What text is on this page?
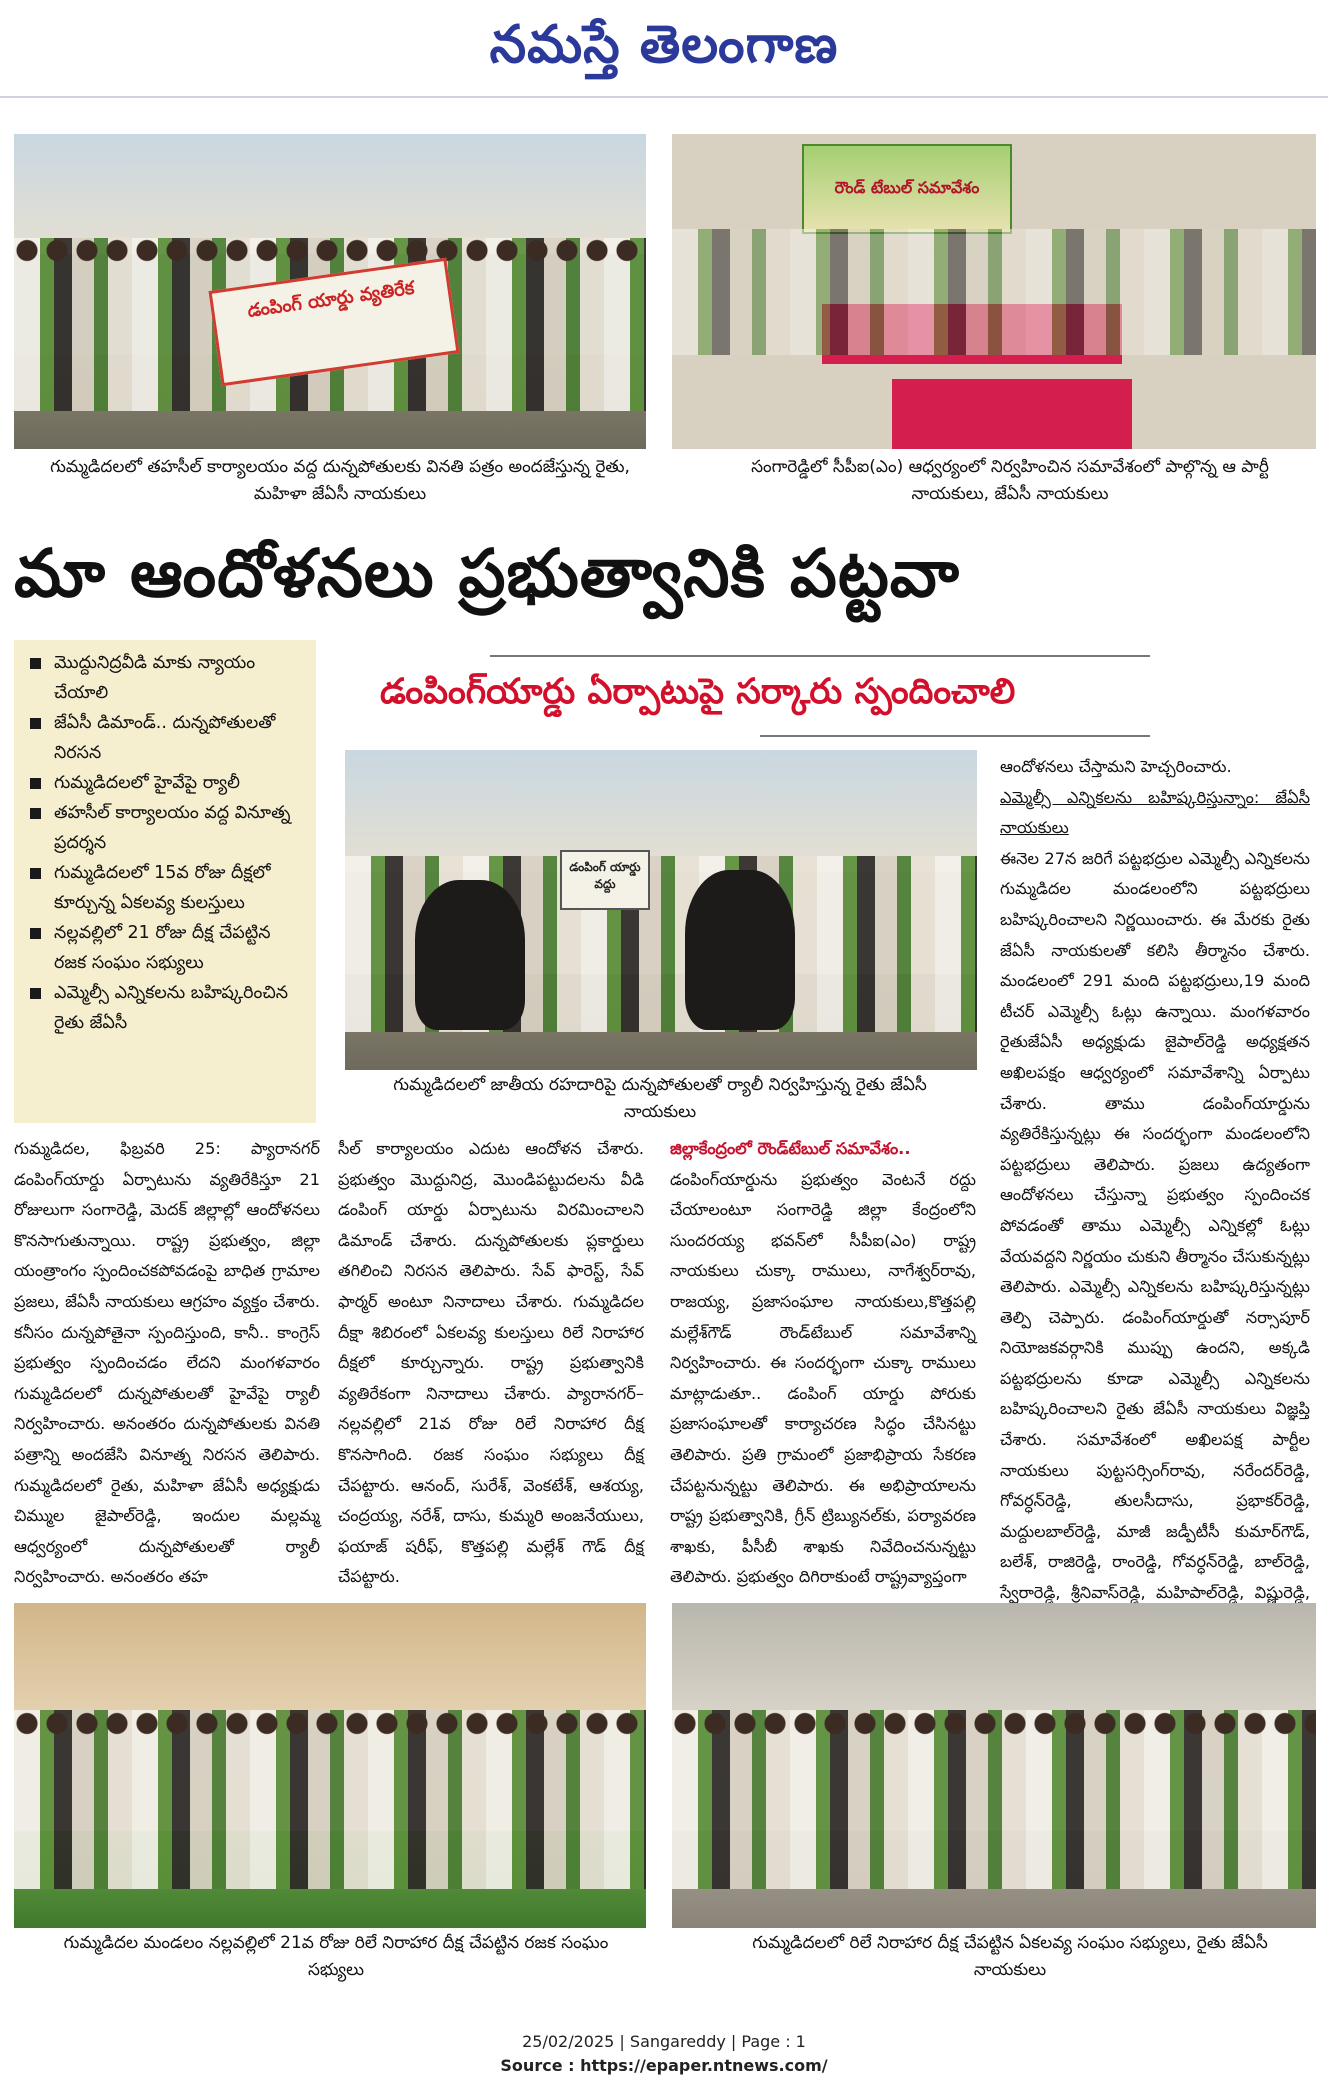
నమస్తే తెలంగాణ
డంపింగ్ యార్డు వ్యతిరేక
గుమ్మడిదలలో తహసీల్ కార్యాలయం వద్ద దున్నపోతులకు వినతి పత్రం అందజేస్తున్న రైతు, మహిళా జేఏసీ నాయకులు
రౌండ్ టేబుల్ సమావేశం
సంగారెడ్డిలో సీపీఐ(ఎం) ఆధ్వర్యంలో నిర్వహించిన సమావేశంలో పాల్గొన్న ఆ పార్టీ నాయకులు, జేఏసీ నాయకులు
మా ఆందోళనలు ప్రభుత్వానికి పట్టవా
మొద్దునిద్రవీడి మాకు న్యాయం చేయాలి
జేఏసీ డిమాండ్.. దున్నపోతులతో నిరసన
గుమ్మడిదలలో హైవేపై ర్యాలీ
తహసీల్ కార్యాలయం వద్ద వినూత్న ప్రదర్శన
గుమ్మడిదలలో 15వ రోజు దీక్షలో కూర్చున్న ఏకలవ్య కులస్తులు
నల్లవల్లిలో 21 రోజు దీక్ష చేపట్టిన రజక సంఘం సభ్యులు
ఎమ్మెల్సీ ఎన్నికలను బహిష్కరించిన రైతు జేఏసీ
డంపింగ్‌యార్డు ఏర్పాటుపై సర్కారు స్పందించాలి
డంపింగ్ యార్డు వద్దు
గుమ్మడిదలలో జాతీయ రహదారిపై దున్నపోతులతో ర్యాలీ నిర్వహిస్తున్న రైతు జేఏసీ నాయకులు

గుమ్మడిదల, ఫిబ్రవరి 25: ప్యారానగర్ డంపింగ్‌యార్డు ఏర్పాటును వ్యతిరేకిస్తూ 21 రోజులుగా సంగారెడ్డి, మెదక్ జిల్లాల్లో ఆందోళనలు కొనసాగుతున్నాయి. రాష్ట్ర ప్రభుత్వం, జిల్లా యంత్రాంగం స్పందించకపోవడంపై బాధిత గ్రామాల ప్రజలు, జేఏసీ నాయకులు ఆగ్రహం వ్యక్తం చేశారు. కనీసం దున్నపోతైనా స్పందిస్తుంది, కానీ.. కాంగ్రెస్ ప్రభుత్వం స్పందించడం లేదని మంగళవారం గుమ్మడిదలలో దున్నపోతులతో హైవేపై ర్యాలీ నిర్వహించారు. అనంతరం దున్నపోతులకు వినతి పత్రాన్ని అందజేసి వినూత్న నిరసన తెలిపారు. గుమ్మడిదలలో రైతు, మహిళా జేఏసీ అధ్యక్షుడు చిమ్ముల జైపాల్‌రెడ్డి, ఇందుల మల్లమ్మ ఆధ్వర్యంలో దున్నపోతులతో ర్యాలీ నిర్వహించారు. అనంతరం తహ

సీల్ కార్యాలయం ఎదుట ఆందోళన చేశారు. ప్రభుత్వం మొద్దునిద్ర, మొండిపట్టుదలను వీడి డంపింగ్ యార్డు ఏర్పాటును విరమించాలని డిమాండ్ చేశారు. దున్నపోతులకు ప్లకార్డులు తగిలించి నిరసన తెలిపారు. సేవ్ ఫారెస్ట్, సేవ్ ఫార్మర్ అంటూ నినాదాలు చేశారు. గుమ్మడిదల దీక్షా శిబిరంలో ఏకలవ్య కులస్తులు రిలే నిరాహార దీక్షలో కూర్చున్నారు. రాష్ట్ర ప్రభుత్వానికి వ్యతిరేకంగా నినాదాలు చేశారు. ప్యారానగర్–నల్లవల్లిలో 21వ రోజు రిలే నిరాహార దీక్ష కొనసాగింది. రజక సంఘం సభ్యులు దీక్ష చేపట్టారు. ఆనంద్, సురేశ్, వెంకటేశ్, ఆశయ్య, చంద్రయ్య, నరేశ్, దాసు, కుమ్మరి అంజనేయులు, ఫయాజ్ షరీఫ్, కొత్తపల్లి మల్లేశ్ గౌడ్ దీక్ష చేపట్టారు.

జిల్లాకేంద్రంలో రౌండ్‌టేబుల్ సమావేశం..

డంపింగ్‌యార్డును ప్రభుత్వం వెంటనే రద్దు చేయాలంటూ సంగారెడ్డి జిల్లా కేంద్రంలోని సుందరయ్య భవన్‌లో సీపీఐ(ఎం) రాష్ట్ర నాయకులు చుక్కా రాములు, నాగేశ్వర్‌రావు, రాజయ్య, ప్రజాసంఘాల నాయకులు,కొత్తపల్లి మల్లేశ్‌గౌడ్ రౌండ్‌టేబుల్ సమావేశాన్ని నిర్వహించారు. ఈ సందర్భంగా చుక్కా రాములు మాట్లాడుతూ.. డంపింగ్ యార్డు పోరుకు ప్రజాసంఘాలతో కార్యాచరణ సిద్ధం చేసినట్టు తెలిపారు. ప్రతి గ్రామంలో ప్రజాభిప్రాయ సేకరణ చేపట్టనున్నట్టు తెలిపారు. ఈ అభిప్రాయాలను రాష్ట్ర ప్రభుత్వానికి, గ్రీన్ ట్రిబ్యునల్‌కు, పర్యావరణ శాఖకు, పీసీబీ శాఖకు నివేదించనున్నట్టు తెలిపారు. ప్రభుత్వం దిగిరాకుంటే రాష్ట్రవ్యాప్తంగా

ఆందోళనలు చేస్తామని హెచ్చరించారు.

ఎమ్మెల్సీ ఎన్నికలను బహిష్కరిస్తున్నాం: జేఏసీ నాయకులు

ఈనెల 27న జరిగే పట్టభద్రుల ఎమ్మెల్సీ ఎన్నికలను గుమ్మడిదల మండలంలోని పట్టభద్రులు బహిష్కరించాలని నిర్ణయించారు. ఈ మేరకు రైతు జేఏసీ నాయకులతో కలిసి తీర్మానం చేశారు. మండలంలో 291 మంది పట్టభద్రులు,19 మంది టీచర్ ఎమ్మెల్సీ ఓట్లు ఉన్నాయి. మంగళవారం రైతుజేఏసీ అధ్యక్షుడు జైపాల్‌రెడ్డి అధ్యక్షతన అఖిలపక్షం ఆధ్వర్యంలో సమావేశాన్ని ఏర్పాటు చేశారు. తాము డంపింగ్‌యార్డును వ్యతిరేకిస్తున్నట్లు ఈ సందర్భంగా మండలంలోని పట్టభద్రులు తెలిపారు. ప్రజలు ఉద్యతంగా ఆందోళనలు చేస్తున్నా ప్రభుత్వం స్పందించక పోవడంతో తాము ఎమ్మెల్సీ ఎన్నికల్లో ఓట్లు వేయవద్దని నిర్ణయం చుకుని తీర్మానం చేసుకున్నట్లు తెలిపారు. ఎమ్మెల్సీ ఎన్నికలను బహిష్కరిస్తున్నట్లు తెల్పి చెప్పారు. డంపింగ్‌యార్డుతో నర్సాపూర్ నియోజకవర్గానికి ముప్పు ఉందని, అక్కడి పట్టభద్రులను కూడా ఎమ్మెల్సీ ఎన్నికలను బహిష్కరించాలని రైతు జేఏసీ నాయకులు విజ్ఞప్తి చేశారు. సమావేశంలో అఖిలపక్ష పార్టీల నాయకులు పుట్టసర్సింగ్‌రావు, నరేందర్‌రెడ్డి, గోవర్ధన్‌రెడ్డి, తులసీదాసు, ప్రభాకర్‌రెడ్డి, మద్దులబాల్‌రెడ్డి, మాజీ జడ్పీటీసీ కుమార్‌గౌడ్, బలేశ్, రాజిరెడ్డి, రాంరెడ్డి, గోవర్ధన్‌రెడ్డి, బాల్‌రెడ్డి, స్వేరారెడ్డి, శ్రీనివాస్‌రెడ్డి, మహిపాల్‌రెడ్డి, విష్ణురెడ్డి,

గుమ్మడిదల మండలం నల్లవల్లిలో 21వ రోజు రిలే నిరాహార దీక్ష చేపట్టిన రజక సంఘం సభ్యులు
గుమ్మడిదలలో రిలే నిరాహార దీక్ష చేపట్టిన ఏకలవ్య సంఘం సభ్యులు, రైతు జేఏసీ నాయకులు
25/02/2025 | Sangareddy | Page : 1
Source : https://epaper.ntnews.com/
